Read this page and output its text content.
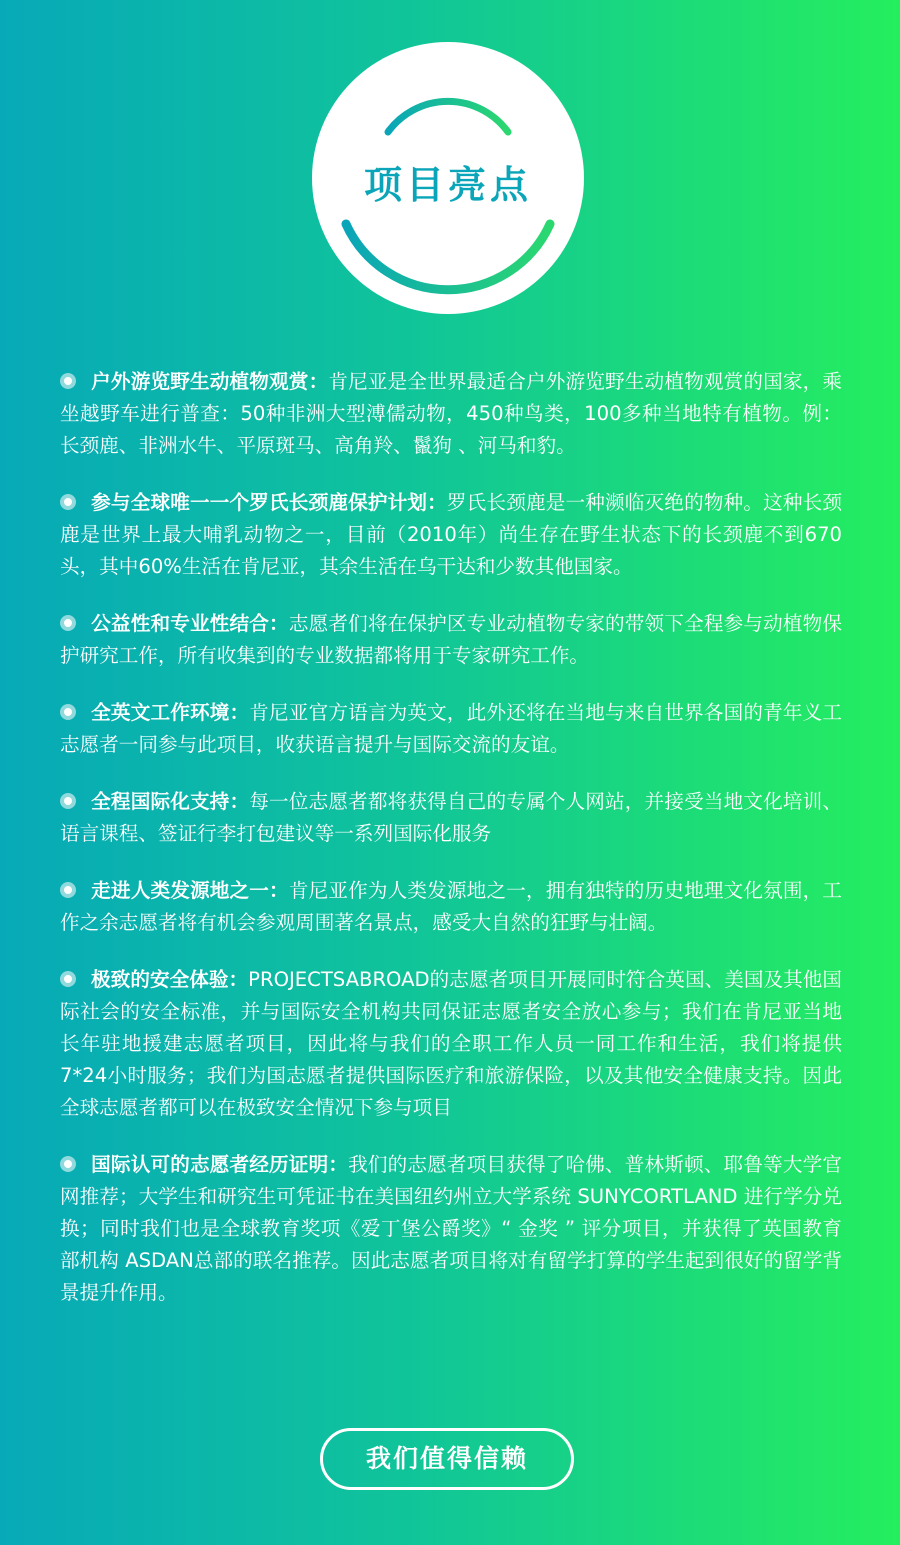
项目亮点

户外游览野生动植物观赏：肯尼亚是全世界最适合户外游览野生动植物观赏的国家，乘坐越野车进行普查：50种非洲大型溥儒动物，450种鸟类，100多种当地特有植物。例：长颈鹿、非洲水牛、平原斑马、高角羚、鬣狗 、河马和豹。

参与全球唯一一个罗氏长颈鹿保护计划：罗氏长颈鹿是一种濒临灭绝的物种。这种长颈鹿是世界上最大哺乳动物之一，目前（2010年）尚生存在野生状态下的长颈鹿不到670头，其中60%生活在肯尼亚，其余生活在乌干达和少数其他国家。

公益性和专业性结合：志愿者们将在保护区专业动植物专家的带领下全程参与动植物保护研究工作，所有收集到的专业数据都将用于专家研究工作。

全英文工作环境：肯尼亚官方语言为英文，此外还将在当地与来自世界各国的青年义工志愿者一同参与此项目，收获语言提升与国际交流的友谊。

全程国际化支持：每一位志愿者都将获得自己的专属个人网站，并接受当地文化培训、语言课程、签证行李打包建议等一系列国际化服务

走进人类发源地之一：肯尼亚作为人类发源地之一，拥有独特的历史地理文化氛围，工作之余志愿者将有机会参观周围著名景点，感受大自然的狂野与壮阔。

极致的安全体验：PROJECTSABROAD的志愿者项目开展同时符合英国、美国及其他国际社会的安全标准，并与国际安全机构共同保证志愿者安全放心参与；我们在肯尼亚当地长年驻地援建志愿者项目，因此将与我们的全职工作人员一同工作和生活，我们将提供7*24小时服务；我们为国志愿者提供国际医疗和旅游保险，以及其他安全健康支持。因此全球志愿者都可以在极致安全情况下参与项目

国际认可的志愿者经历证明：我们的志愿者项目获得了哈佛、普林斯顿、耶鲁等大学官网推荐；大学生和研究生可凭证书在美国纽约州立大学系统 SUNYCORTLAND 进行学分兑换；同时我们也是全球教育奖项《爱丁堡公爵奖》“ 金奖 ” 评分项目，并获得了英国教育部机构 ASDAN总部的联名推荐。因此志愿者项目将对有留学打算的学生起到很好的留学背景提升作用。

我们值得信赖
